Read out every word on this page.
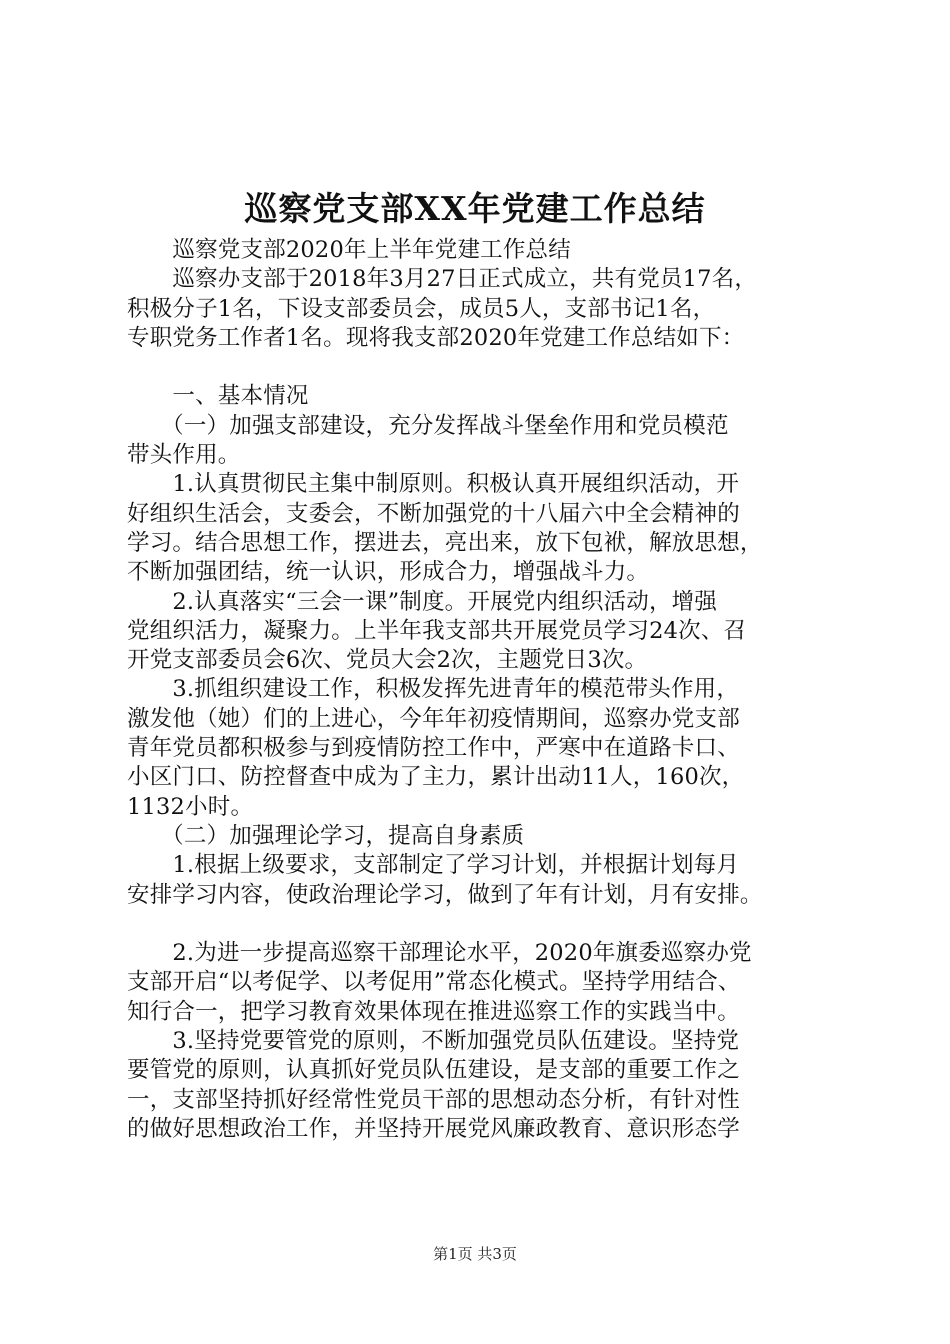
巡察党支部XX年党建工作总结
　　巡察党支部2020年上半年党建工作总结
　　巡察办支部于2018年3月27日正式成立，共有党员17名，
积极分子1名，下设支部委员会，成员5人，支部书记1名，
专职党务工作者1名。现将我支部2020年党建工作总结如下：
　　一、基本情况
　　（一）加强支部建设，充分发挥战斗堡垒作用和党员模范
带头作用。
　　1.认真贯彻民主集中制原则。积极认真开展组织活动，开
好组织生活会，支委会，不断加强党的十八届六中全会精神的
学习。结合思想工作，摆进去，亮出来，放下包袱，解放思想，
不断加强团结，统一认识，形成合力，增强战斗力。
　　2.认真落实“三会一课”制度。开展党内组织活动，增强
党组织活力，凝聚力。上半年我支部共开展党员学习24次、召
开党支部委员会6次、党员大会2次，主题党日3次。
　　3.抓组织建设工作，积极发挥先进青年的模范带头作用，
激发他（她）们的上进心，今年年初疫情期间，巡察办党支部
青年党员都积极参与到疫情防控工作中，严寒中在道路卡口、
小区门口、防控督查中成为了主力，累计出动11人，160次，
1132小时。
　　（二）加强理论学习，提高自身素质
　　1.根据上级要求，支部制定了学习计划，并根据计划每月
安排学习内容，使政治理论学习，做到了年有计划，月有安排。
　　2.为进一步提高巡察干部理论水平，2020年旗委巡察办党
支部开启“以考促学、以考促用”常态化模式。坚持学用结合、
知行合一，把学习教育效果体现在推进巡察工作的实践当中。
　　3.坚持党要管党的原则，不断加强党员队伍建设。坚持党
要管党的原则，认真抓好党员队伍建设，是支部的重要工作之
一，支部坚持抓好经常性党员干部的思想动态分析，有针对性
的做好思想政治工作，并坚持开展党风廉政教育、意识形态学
第1页 共3页
